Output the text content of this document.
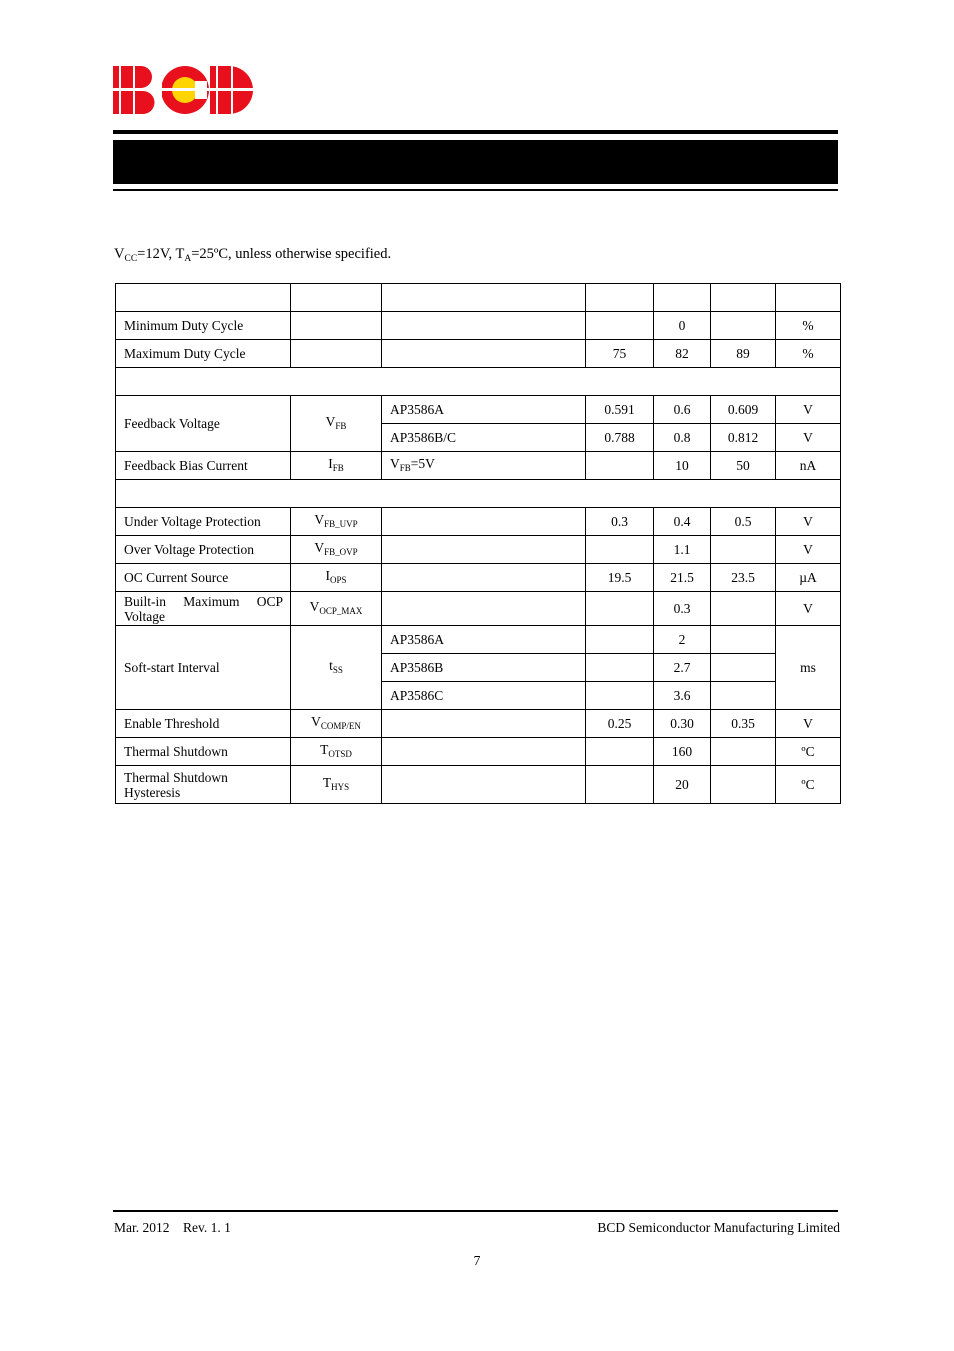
$V_{CC}=12V$, $T_A=25ºC$, unless otherwise specified.

Minimum Duty Cycle				0		%
Maximum Duty Cycle			75	82	89	%

Feedback Voltage	$V_{FB}$	AP3586A	0.591	0.6	0.609	V
		AP3586B/C	0.788	0.8	0.812	V
Feedback Bias Current	$I_{FB}$	$V_{FB}=5V$		10	50	nA

Under Voltage Protection	$V_{FB\_UVP}$		0.3	0.4	0.5	V
Over Voltage Protection	$V_{FB\_OVP}$			1.1		V
OC Current Source	$I_{OPS}$		19.5	21.5	23.5	µA

Built-in Maximum OCP
Voltage	$V_{OCP\_MAX}$			0.3		V
Soft-start Interval	$t_{SS}$	AP3586A		2		ms
		AP3586B		2.7		
		AP3586C		3.6		
Enable Threshold	$V_{COMP/EN}$		0.25	0.30	0.35	V
Thermal Shutdown	$T_{OTSD}$			160		ºC

Thermal Shutdown
Hysteresis	$T_{HYS}$			20		ºC
Mar. 2012 Rev. 1. 1	BCD Semiconductor Manufacturing Limited
7
